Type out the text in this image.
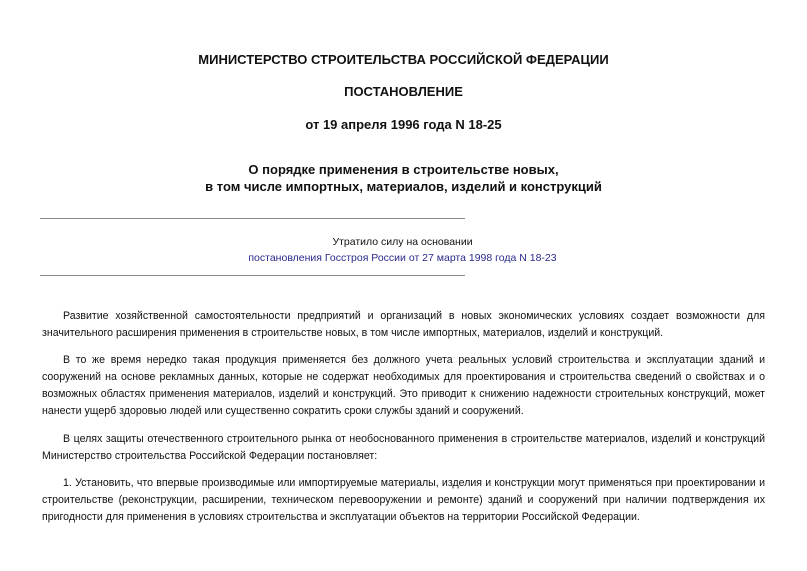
МИНИСТЕРСТВО СТРОИТЕЛЬСТВА РОССИЙСКОЙ ФЕДЕРАЦИИ
ПОСТАНОВЛЕНИЕ
от 19 апреля 1996 года N 18-25
О порядке применения в строительстве новых,
в том числе импортных, материалов, изделий и конструкций
Утратило силу на основании
постановления Госстроя России от 27 марта 1998 года N 18-23

Развитие хозяйственной самостоятельности предприятий и организаций в новых экономических условиях создает возможности для значительного расширения применения в строительстве новых, в том числе импортных, материалов, изделий и конструкций.

В то же время нередко такая продукция применяется без должного учета реальных условий строительства и эксплуатации зданий и сооружений на основе рекламных данных, которые не содержат необходимых для проектирования и строительства сведений о свойствах и о возможных областях применения материалов, изделий и конструкций. Это приводит к снижению надежности строительных конструкций, может нанести ущерб здоровью людей или существенно сократить сроки службы зданий и сооружений.

В целях защиты отечественного строительного рынка от необоснованного применения в строительстве материалов, изделий и конструкций Министерство строительства Российской Федерации постановляет:

1. Установить, что впервые производимые или импортируемые материалы, изделия и конструкции могут применяться при проектировании и строительстве (реконструкции, расширении, техническом перевооружении и ремонте) зданий и сооружений при наличии подтверждения их пригодности для применения в условиях строительства и эксплуатации объектов на территории Российской Федерации.
